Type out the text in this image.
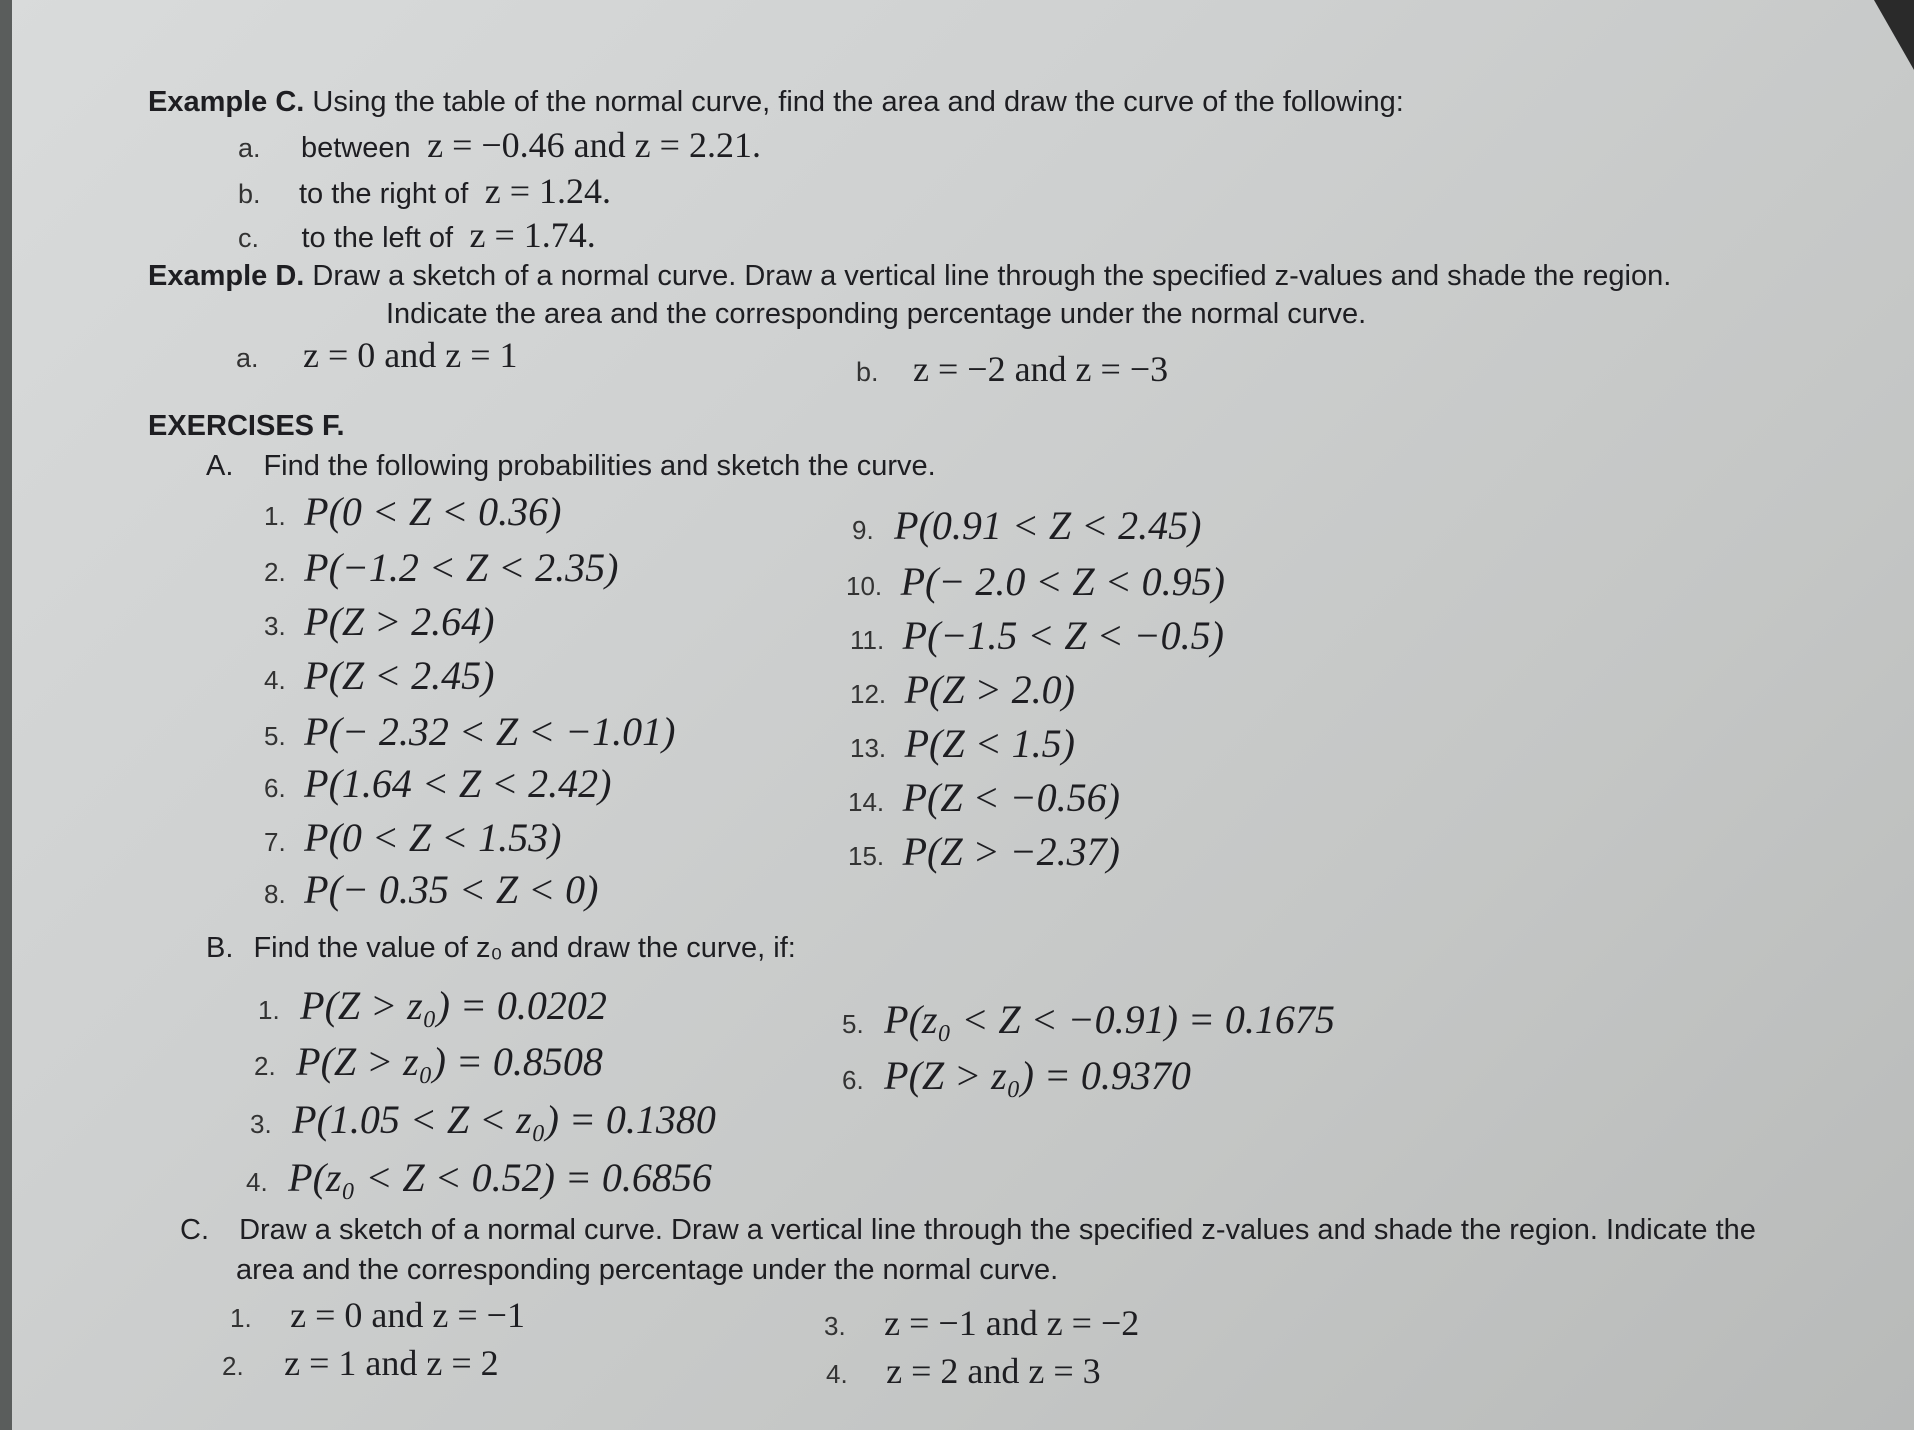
Example C. Using the table of the normal curve, find the area and draw the curve of the following:
a. between z = −0.46 and z = 2.21.
b. to the right of z = 1.24.
c. to the left of z = 1.74.
Example D. Draw a sketch of a normal curve. Draw a vertical line through the specified z-values and shade the region.
Indicate the area and the corresponding percentage under the normal curve.
a. z = 0 and z = 1	b. z = −2 and z = −3
EXERCISES F.
A. Find the following probabilities and sketch the curve.
1. P(0 < Z < 0.36)
2. P(−1.2 < Z < 2.35)
3. P(Z > 2.64)
4. P(Z < 2.45)
5. P(− 2.32 < Z < −1.01)
6. P(1.64 < Z < 2.42)
7. P(0 < Z < 1.53)
8. P(− 0.35 < Z < 0)
9. P(0.91 < Z < 2.45)
10. P(− 2.0 < Z < 0.95)
11. P(−1.5 < Z < −0.5)
12. P(Z > 2.0)
13. P(Z < 1.5)
14. P(Z < −0.56)
15. P(Z > −2.37)
B. Find the value of z₀ and draw the curve, if:
1. P(Z > z₀) = 0.0202
2. P(Z > z₀) = 0.8508
3. P(1.05 < Z < z₀) = 0.1380
4. P(z₀ < Z < 0.52) = 0.6856
5. P(z₀ < Z < −0.91) = 0.1675
6. P(Z > z₀) = 0.9370
C. Draw a sketch of a normal curve. Draw a vertical line through the specified z-values and shade the region. Indicate the
area and the corresponding percentage under the normal curve.
1. z = 0 and z = −1
2. z = 1 and z = 2
3. z = −1 and z = −2
4. z = 2 and z = 3
